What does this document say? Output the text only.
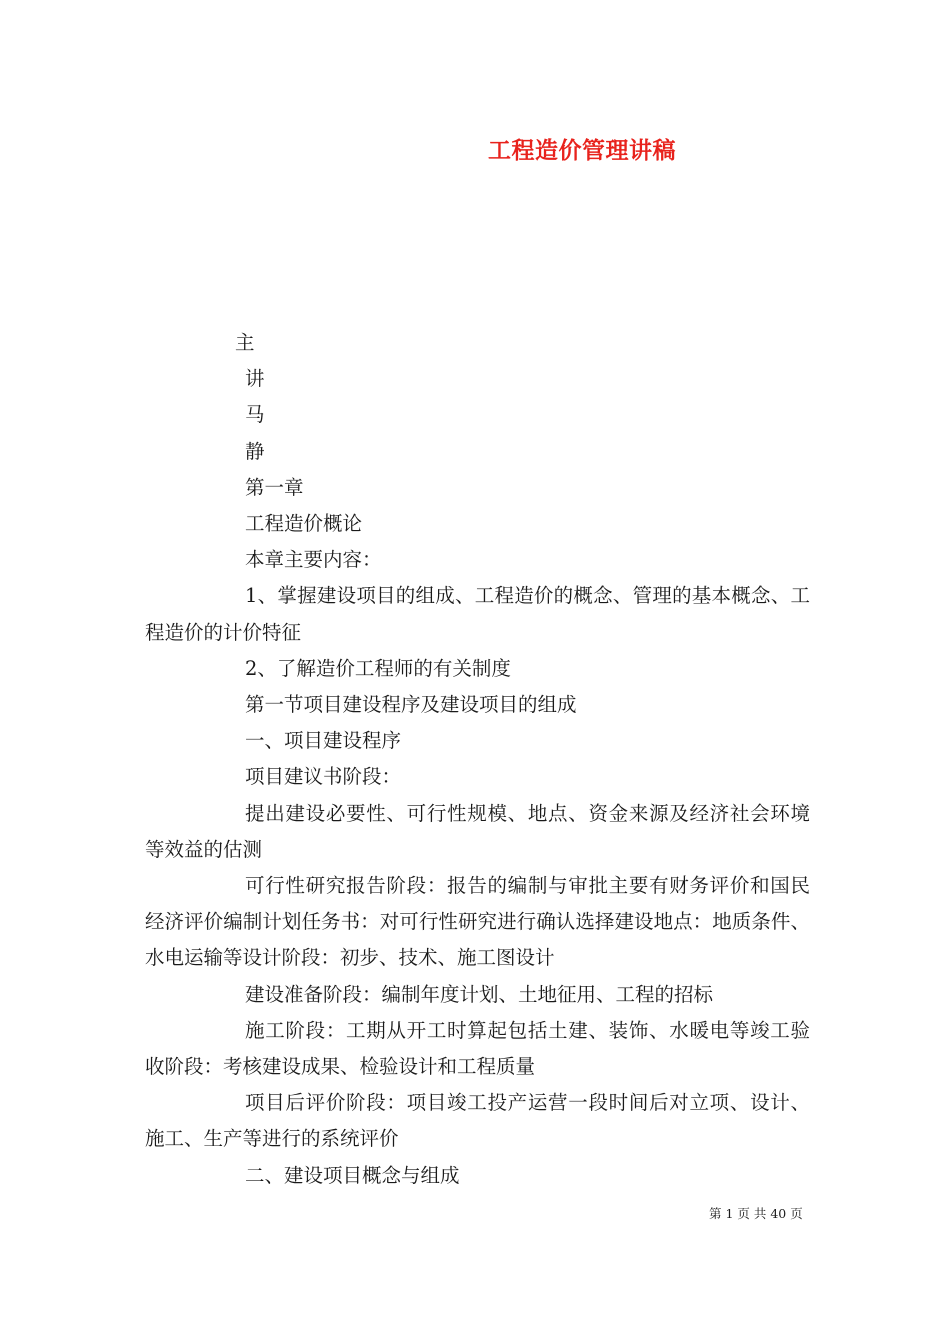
工程造价管理讲稿

主

讲

马

静

第一章

工程造价概论

本章主要内容：

1、掌握建设项目的组成、工程造价的概念、管理的基本概念、工程造价的计价特征

2、了解造价工程师的有关制度

第一节项目建设程序及建设项目的组成

一、项目建设程序

项目建议书阶段：

提出建设必要性、可行性规模、地点、资金来源及经济社会环境等效益的估测

可行性研究报告阶段：报告的编制与审批主要有财务评价和国民经济评价编制计划任务书：对可行性研究进行确认选择建设地点：地质条件、水电运输等设计阶段：初步、技术、施工图设计

建设准备阶段：编制年度计划、土地征用、工程的招标

施工阶段：工期从开工时算起包括土建、装饰、水暖电等竣工验收阶段：考核建设成果、检验设计和工程质量

项目后评价阶段：项目竣工投产运营一段时间后对立项、设计、施工、生产等进行的系统评价

二、建设项目概念与组成

第 1 页 共 40 页
